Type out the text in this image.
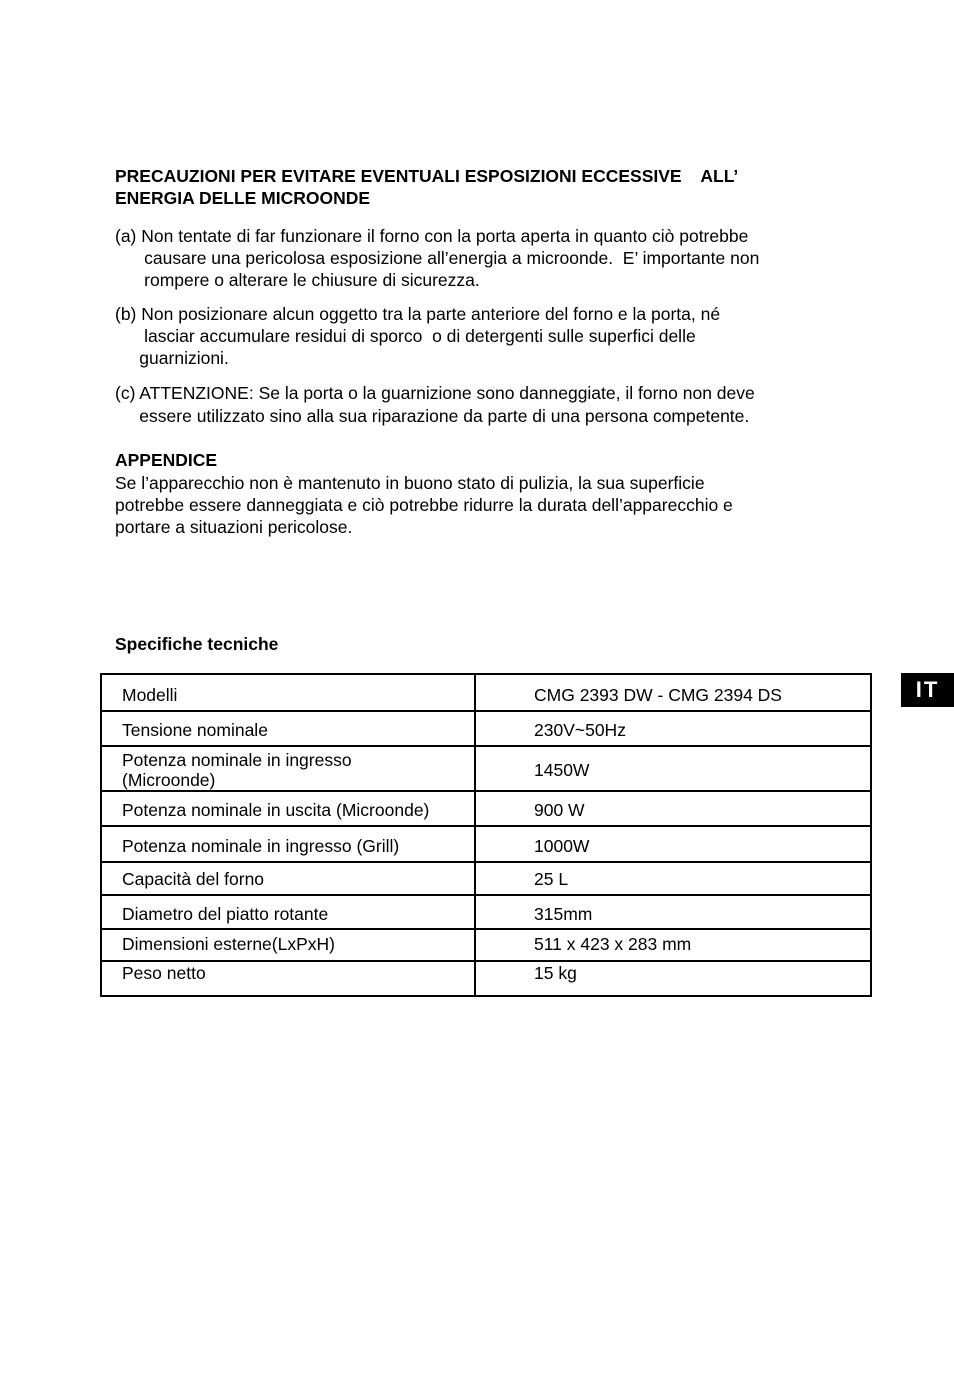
PRECAUZIONI PER EVITARE EVENTUALI ESPOSIZIONI ECCESSIVE    ALL’
ENERGIA DELLE MICROONDE
(a) Non tentate di far funzionare il forno con la porta aperta in quanto ciò potrebbe
causare una pericolosa esposizione all’energia a microonde.  E’ importante non
rompere o alterare le chiusure di sicurezza.
(b) Non posizionare alcun oggetto tra la parte anteriore del forno e la porta, né
lasciar accumulare residui di sporco  o di detergenti sulle superfici delle
guarnizioni.
(c) ATTENZIONE: Se la porta o la guarnizione sono danneggiate, il forno non deve
essere utilizzato sino alla sua riparazione da parte di una persona competente.
APPENDICE
Se l’apparecchio non è mantenuto in buono stato di pulizia, la sua superficie
potrebbe essere danneggiata e ciò potrebbe ridurre la durata dell’apparecchio e
portare a situazioni pericolose.
Specifiche tecniche
Modelli	CMG 2393 DW - CMG 2394 DS
Tensione nominale	230V~50Hz
Potenza nominale in ingresso
(Microonde)	1450W
Potenza nominale in uscita (Microonde)	900 W
Potenza nominale in ingresso (Grill)	1000W
Capacità del forno	25 L
Diametro del piatto rotante	315mm
Dimensioni esterne(LxPxH)	511 x 423 x 283 mm
Peso netto	15 kg
IT
